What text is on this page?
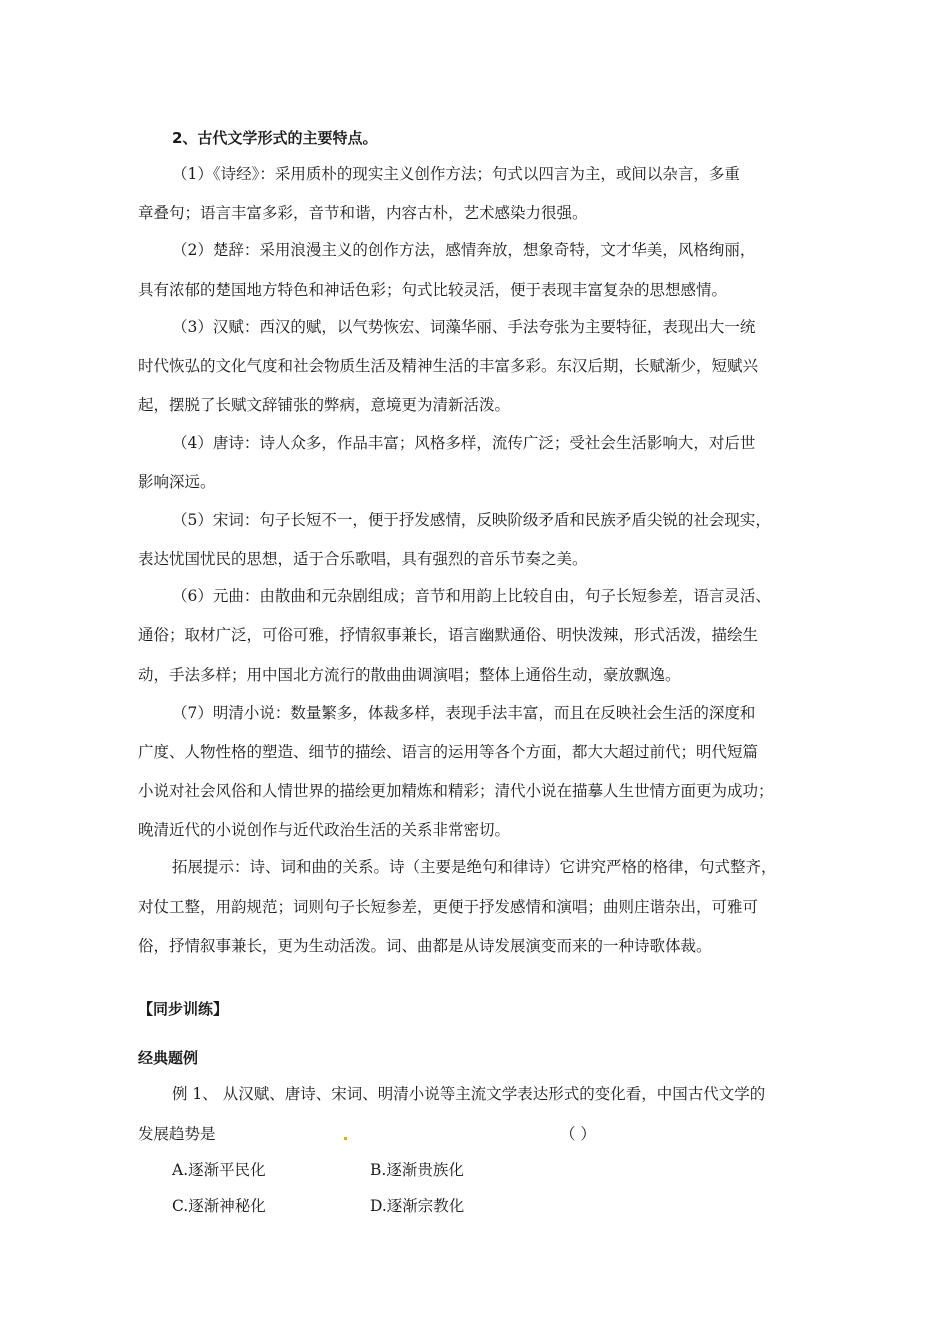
2、古代文学形式的主要特点。
（1）《诗经》：采用质朴的现实主义创作方法；句式以四言为主，或间以杂言，多重
章叠句；语言丰富多彩，音节和谐，内容古朴，艺术感染力很强。
（2）楚辞：采用浪漫主义的创作方法，感情奔放，想象奇特，文才华美，风格绚丽，
具有浓郁的楚国地方特色和神话色彩；句式比较灵活，便于表现丰富复杂的思想感情。
（3）汉赋：西汉的赋，以气势恢宏、词藻华丽、手法夸张为主要特征，表现出大一统
时代恢弘的文化气度和社会物质生活及精神生活的丰富多彩。东汉后期，长赋渐少，短赋兴
起，摆脱了长赋文辞铺张的弊病，意境更为清新活泼。
（4）唐诗：诗人众多，作品丰富；风格多样，流传广泛；受社会生活影响大，对后世
影响深远。
（5）宋词：句子长短不一，便于抒发感情，反映阶级矛盾和民族矛盾尖锐的社会现实，
表达忧国忧民的思想，适于合乐歌唱，具有强烈的音乐节奏之美。
（6）元曲：由散曲和元杂剧组成；音节和用韵上比较自由，句子长短参差，语言灵活、
通俗；取材广泛，可俗可雅，抒情叙事兼长，语言幽默通俗、明快泼辣，形式活泼，描绘生
动，手法多样；用中国北方流行的散曲曲调演唱；整体上通俗生动，豪放飘逸。
（7）明清小说：数量繁多，体裁多样，表现手法丰富，而且在反映社会生活的深度和
广度、人物性格的塑造、细节的描绘、语言的运用等各个方面，都大大超过前代；明代短篇
小说对社会风俗和人情世界的描绘更加精炼和精彩；清代小说在描摹人生世情方面更为成功；
晚清近代的小说创作与近代政治生活的关系非常密切。
拓展提示：诗、词和曲的关系。诗（主要是绝句和律诗）它讲究严格的格律，句式整齐，
对仗工整，用韵规范；词则句子长短参差，更便于抒发感情和演唱；曲则庄谐杂出，可雅可
俗，抒情叙事兼长，更为生动活泼。词、曲都是从诗发展演变而来的一种诗歌体裁。
【同步训练】
经典题例
例 1、 从汉赋、唐诗、宋词、明清小说等主流文学表达形式的变化看，中国古代文学的
发展趋势是	（ ）
A.逐渐平民化	B.逐渐贵族化
C.逐渐神秘化	D.逐渐宗教化
